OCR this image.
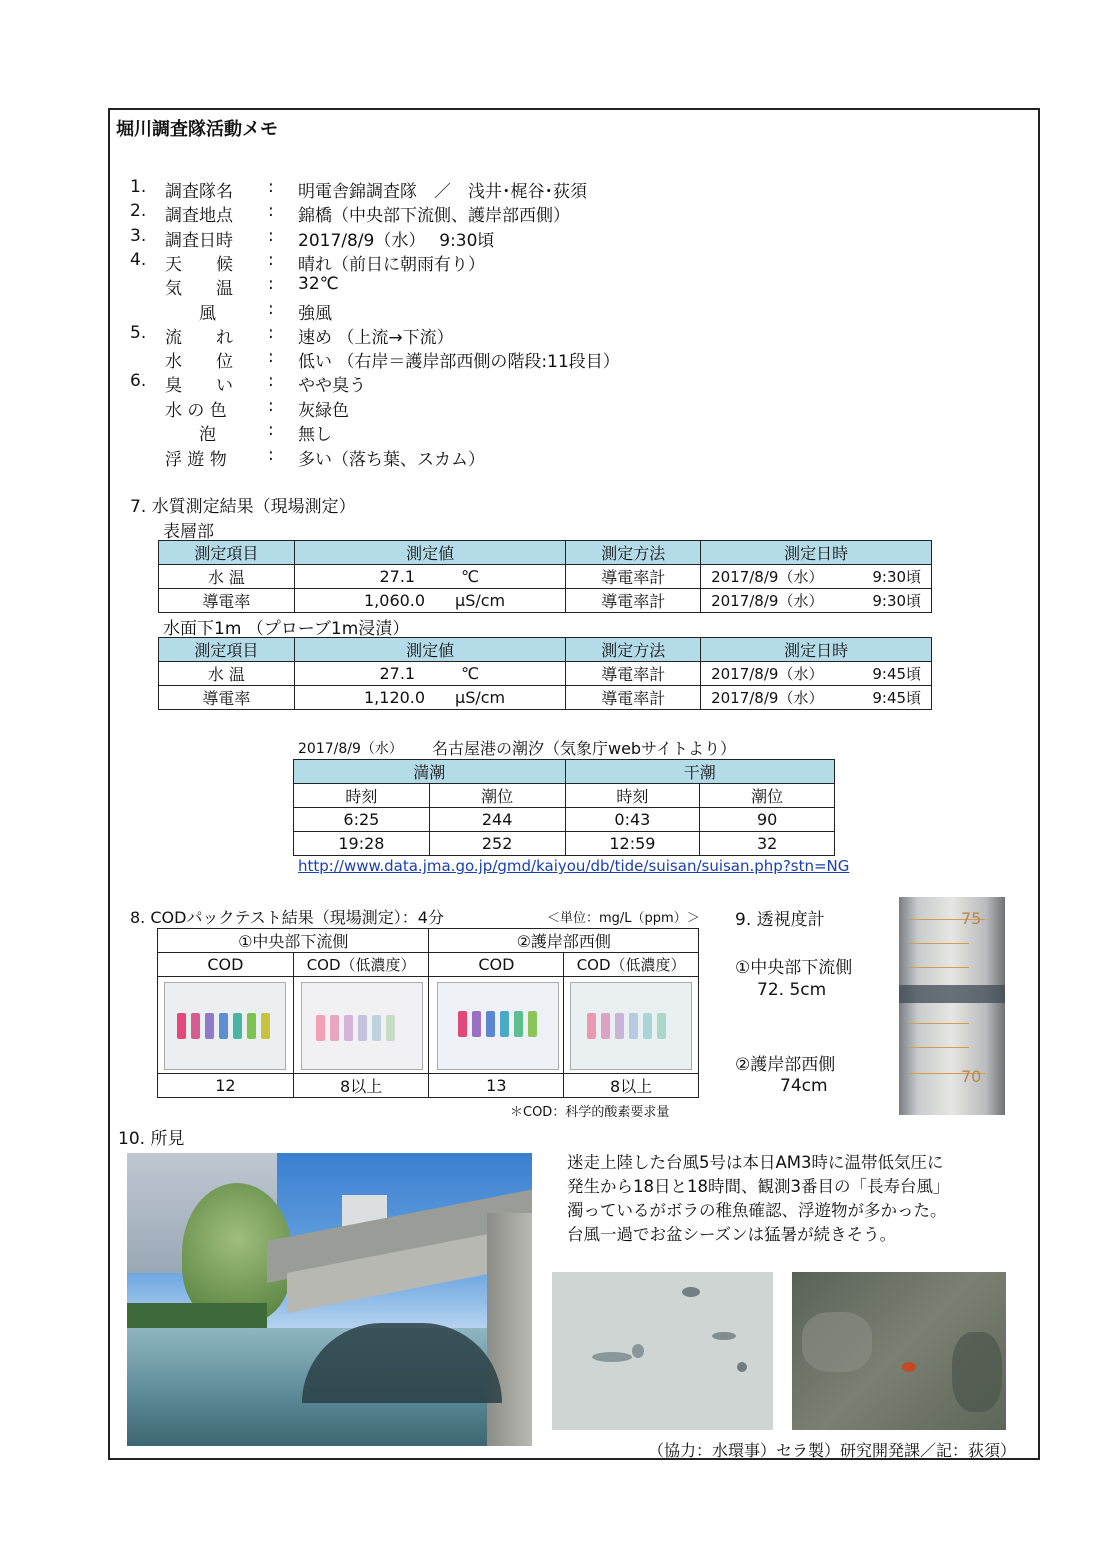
堀川調査隊活動メモ
1. 調査隊名 : 明電舎錦調査隊　／　浅井･梶谷･荻須
2. 調査地点 : 錦橋（中央部下流側、護岸部西側）
3. 調査日時 : 2017/8/9（水）　 9:30頃
4. 天　　候 : 晴れ（前日に朝雨有り）
気　　温 : 32℃
　　風	: 強風
5. 流　　れ : 速め （上流→下流）
水　　位 : 低い （右岸＝護岸部西側の階段:11段目）
6. 臭　　い : やや臭う
水 の 色 : 灰緑色
　　泡	: 無し
浮 遊 物 : 多い（落ち葉、スカム）
7. 水質測定結果（現場測定）
表層部
測定項目	測定値	測定方法	測定日時
水 温	27.1 ℃	導電率計	2017/8/9（水） 9:30頃
導電率	1,060.0 μS/cm	導電率計	2017/8/9（水） 9:30頃
水面下1m （プローブ1m浸漬）
測定項目	測定値	測定方法	測定日時
水 温	27.1 ℃	導電率計	2017/8/9（水） 9:45頃
導電率	1,120.0 μS/cm	導電率計	2017/8/9（水） 9:45頃
2017/8/9（水） 名古屋港の潮汐（気象庁webサイトより）
満潮		干潮	
時刻	潮位	時刻	潮位
6:25	244	0:43	90
19:28	252	12:59	32
http://www.data.jma.go.jp/gmd/kaiyou/db/tide/suisan/suisan.php?stn=NG
8. CODパックテスト結果（現場測定）：4分	＜単位：mg/L（ppm）＞
①中央部下流側		②護岸部西側	
COD	COD（低濃度）	COD	COD（低濃度）

12	8以上	13	8以上
＊COD：科学的酸素要求量
9. 透視度計
①中央部下流側
72. 5cm
②護岸部西側
74cm
75
70
10. 所見
迷走上陸した台風5号は本日AM3時に温帯低気圧に
発生から18日と18時間、観測3番目の「長寿台風」
濁っているがボラの稚魚確認、浮遊物が多かった。
台風一過でお盆シーズンは猛暑が続きそう。
（協力：水環事）セラ製）研究開発課／記：荻須）
